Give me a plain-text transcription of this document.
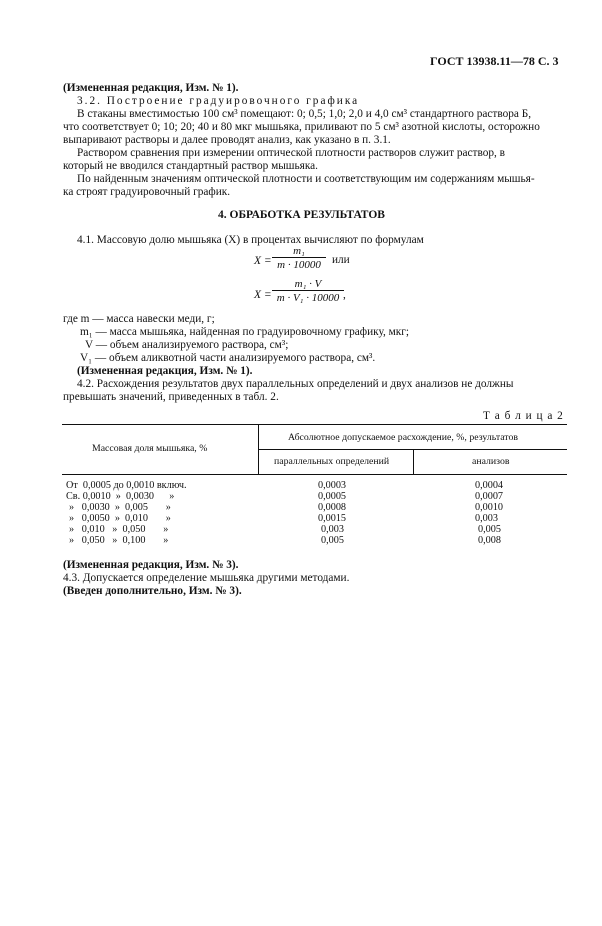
ГОСТ 13938.11—78 С. 3
(Измененная редакция, Изм. № 1).
3.2. Построение градуировочного графика
В стаканы вместимостью 100 см³ помещают: 0; 0,5; 1,0; 2,0 и 4,0 см³ стандартного раствора Б,
что соответствует 0; 10; 20; 40 и 80 мкг мышьяка, приливают по 5 см³ азотной кислоты, осторожно
выпаривают растворы и далее проводят анализ, как указано в п. 3.1.
Раствором сравнения при измерении оптической плотности растворов служит раствор, в
который не вводился стандартный раствор мышьяка.
По найденным значениям оптической плотности и соответствующим им содержаниям мышья-
ка строят градуировочный график.
4. ОБРАБОТКА РЕЗУЛЬТАТОВ
4.1. Массовую долю мышьяка (X) в процентах вычисляют по формулам
$X = \frac{\text{m₁}}{m \cdot 10000}$ или
$X = \frac{\text{m₁ · V}}{\text{m · V₁ · 10000}}$ ,
где m — масса навески меди, г;
m₁ — масса мышьяка, найденная по градуировочному графику, мкг;
V — объем анализируемого раствора, см³;
V₁ — объем аликвотной части анализируемого раствора, см³.
(Измененная редакция, Изм. № 1).
4.2. Расхождения результатов двух параллельных определений и двух анализов не должны
превышать значений, приведенных в табл. 2.
Т а б л и ц а 2
Массовая доля мышьяка, %
Абсолютное допускаемое расхождение, %, результатов
параллельных определений	анализов
От  0,0005 до 0,0010 включ.	0,0003	0,0004
Св. 0,0010  »  0,0030      »	0,0005	0,0007
»   0,0030  »  0,005       »	0,0008	0,0010
»   0,0050  »  0,010       »	0,0015	0,003
»   0,010   »  0,050       »	0,003	0,005
»   0,050   »  0,100       »	0,005	0,008
(Измененная редакция, Изм. № 3).
4.3. Допускается определение мышьяка другими методами.
(Введен дополнительно, Изм. № 3).
